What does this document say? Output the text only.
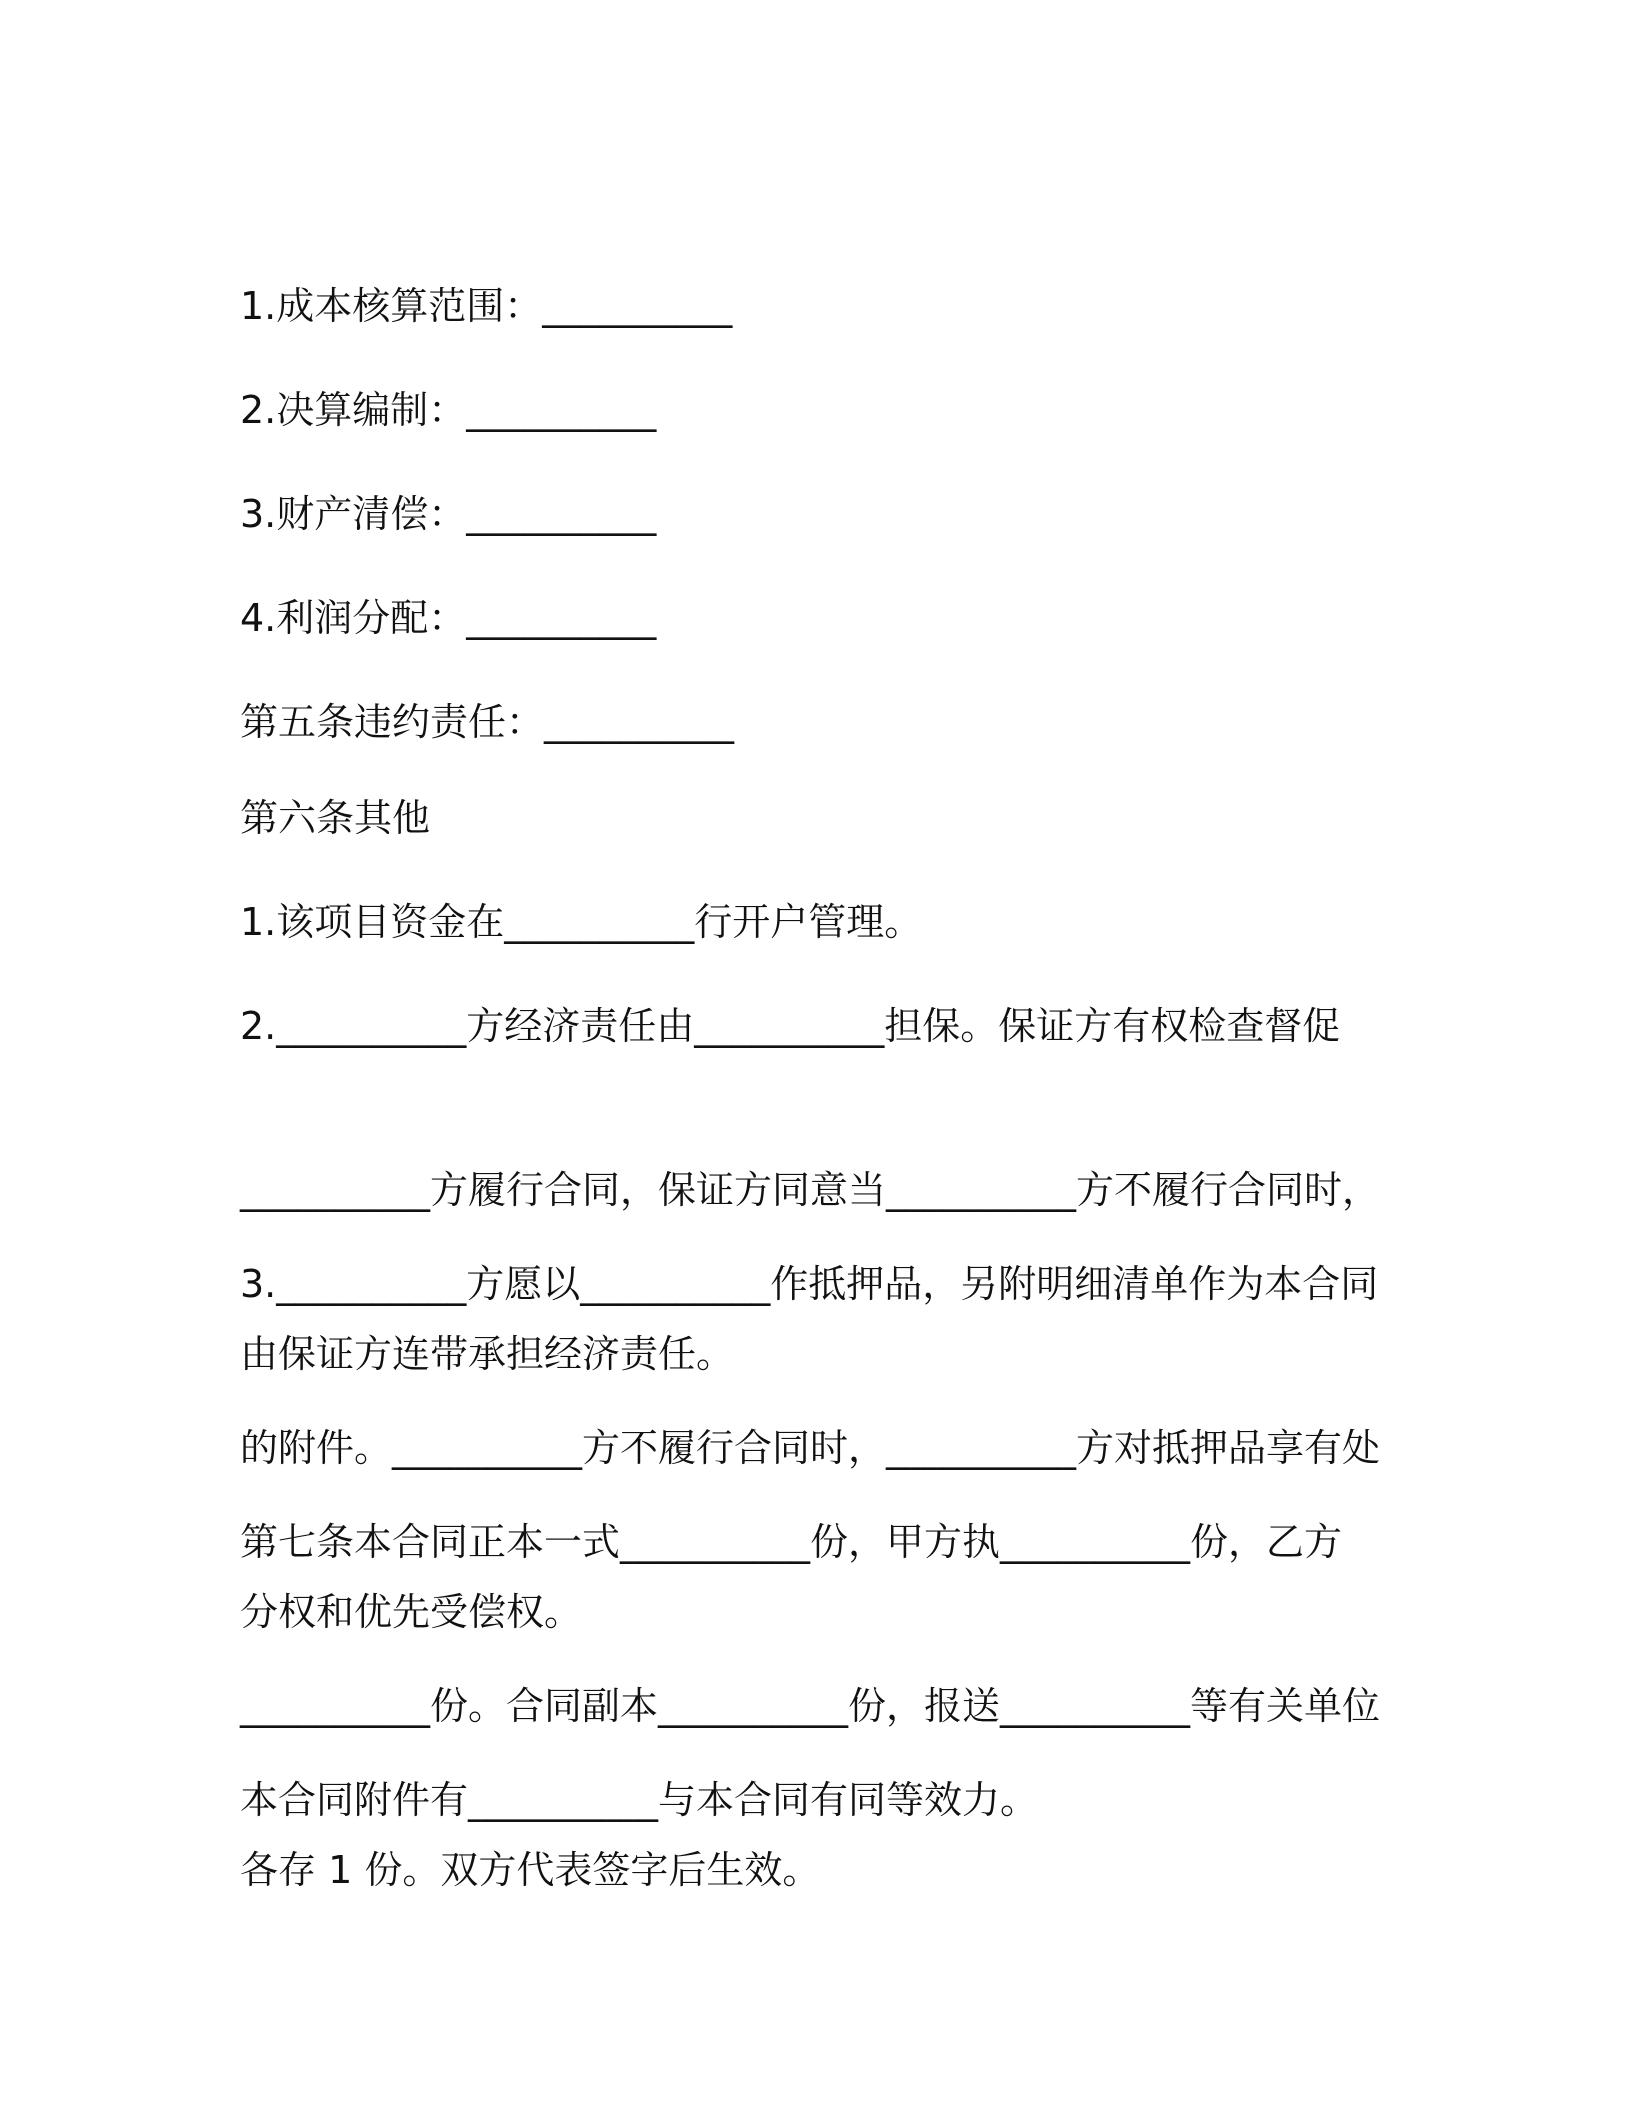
1.成本核算范围：__________

2.决算编制：__________

3.财产清偿：__________

4.利润分配：__________

第五条违约责任：__________

第六条其他

1.该项目资金在__________行开户管理。

2.__________方经济责任由__________担保。保证方有权检查督促

__________方履行合同，保证方同意当__________方不履行合同时，

由保证方连带承担经济责任。

3.__________方愿以__________作抵押品，另附明细清单作为本合同

的附件。__________方不履行合同时，__________方对抵押品享有处

分权和优先受偿权。

第七条本合同正本一式__________份，甲方执__________份，乙方

__________份。合同副本__________份，报送__________等有关单位

各存 1 份。双方代表签字后生效。

本合同附件有__________与本合同有同等效力。
